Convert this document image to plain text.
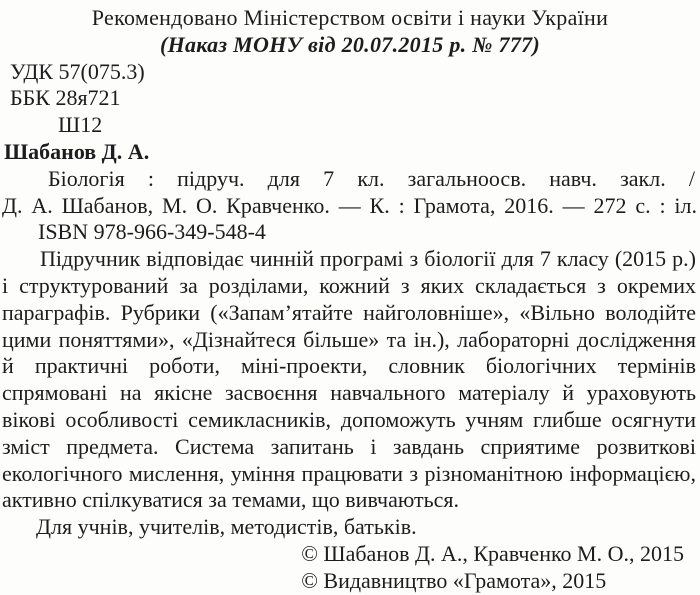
Рекомендовано Міністерством освіти і науки України
(Наказ МОНУ від 20.07.2015 р. № 777)
УДК 57(075.3)
ББК 28я721
Ш12
Шабанов Д. А.
Біологія : підруч. для 7 кл. загальноосв. навч. закл. /
Д. А. Шабанов, М. О. Кравченко. — К. : Грамота, 2016. — 272 с. : іл.
ISBN 978-966-349-548-4

Підручник відповідає чинній програмі з біології для 7 класу (2015 р.) і структурований за розділами, кожний з яких складається з окремих параграфів. Рубрики («Запам’ятайте найголовніше», «Вільно володійте цими поняттями», «Дізнайтеся більше» та ін.), лабораторні дослідження й практичні роботи, міні-проекти, словник біологічних термінів спрямовані на якісне засвоєння навчального матеріалу й ураховують вікові особливості семикласників, допоможуть учням глибше осягнути зміст предмета. Система запитань і завдань сприятиме розвиткові екологічного мислення, уміння працювати з різноманітною інформацією, активно спілкуватися за темами, що вивчаються.

Для учнів, учителів, методистів, батьків.
© Шабанов Д. А., Кравченко М. О., 2015
© Видавництво «Грамота», 2015
